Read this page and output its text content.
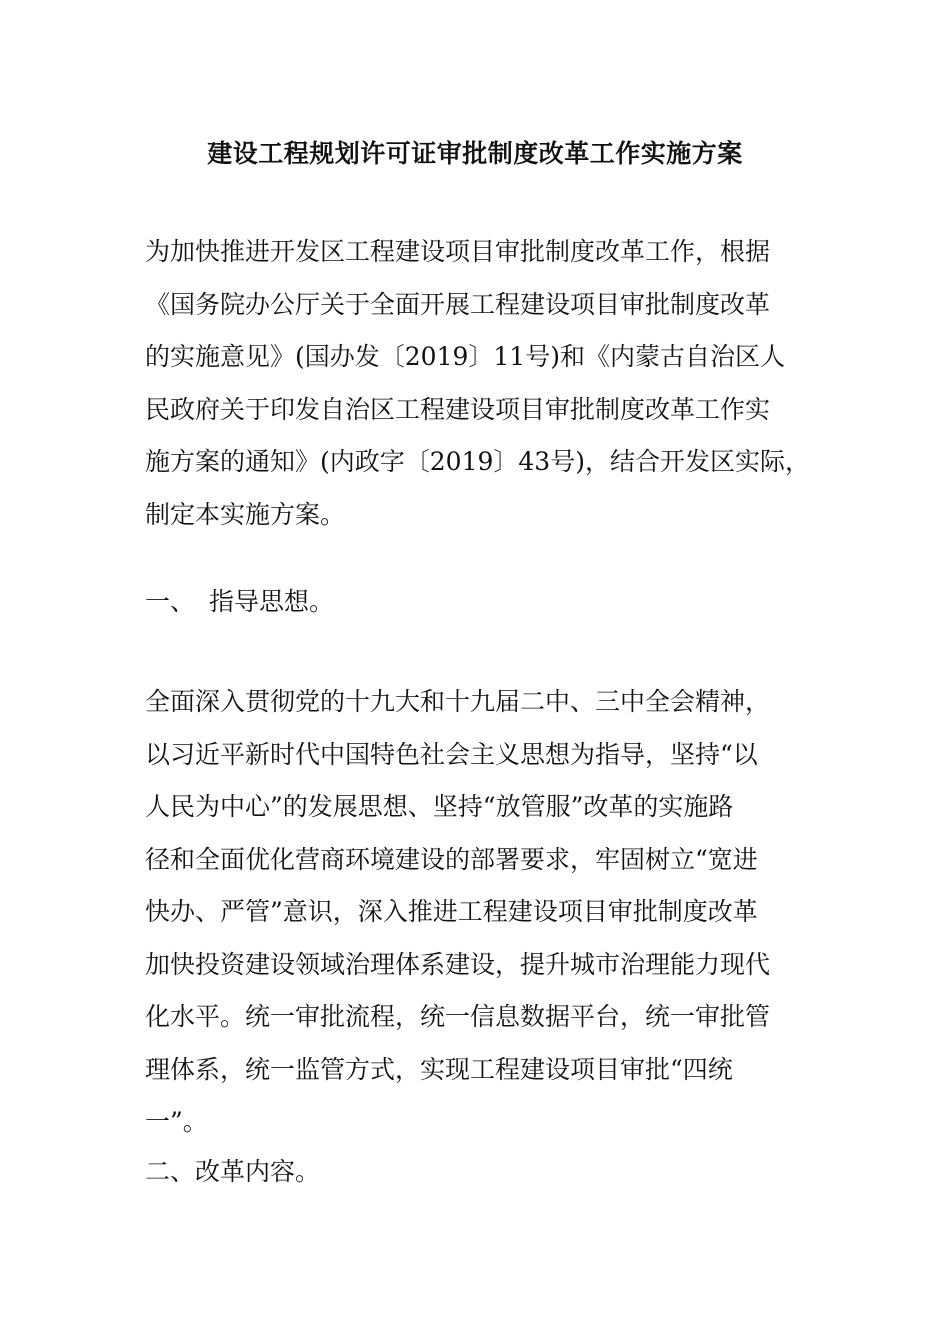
建设工程规划许可证审批制度改革工作实施方案

为加快推进开发区工程建设项目审批制度改革工作，根据
《国务院办公厅关于全面开展工程建设项目审批制度改革
的实施意见》(国办发〔2019〕11号)和《内蒙古自治区人
民政府关于印发自治区工程建设项目审批制度改革工作实
施方案的通知》(内政字〔2019〕43号)，结合开发区实际，
制定本实施方案。

一、 指导思想。

全面深入贯彻党的十九大和十九届二中、三中全会精神，
以习近平新时代中国特色社会主义思想为指导，坚持“以
人民为中心”的发展思想、坚持“放管服”改革的实施路
径和全面优化营商环境建设的部署要求，牢固树立“宽进
快办、严管”意识，深入推进工程建设项目审批制度改革
加快投资建设领域治理体系建设，提升城市治理能力现代
化水平。统一审批流程，统一信息数据平台，统一审批管
理体系，统一监管方式，实现工程建设项目审批“四统
一”。

二、改革内容。
